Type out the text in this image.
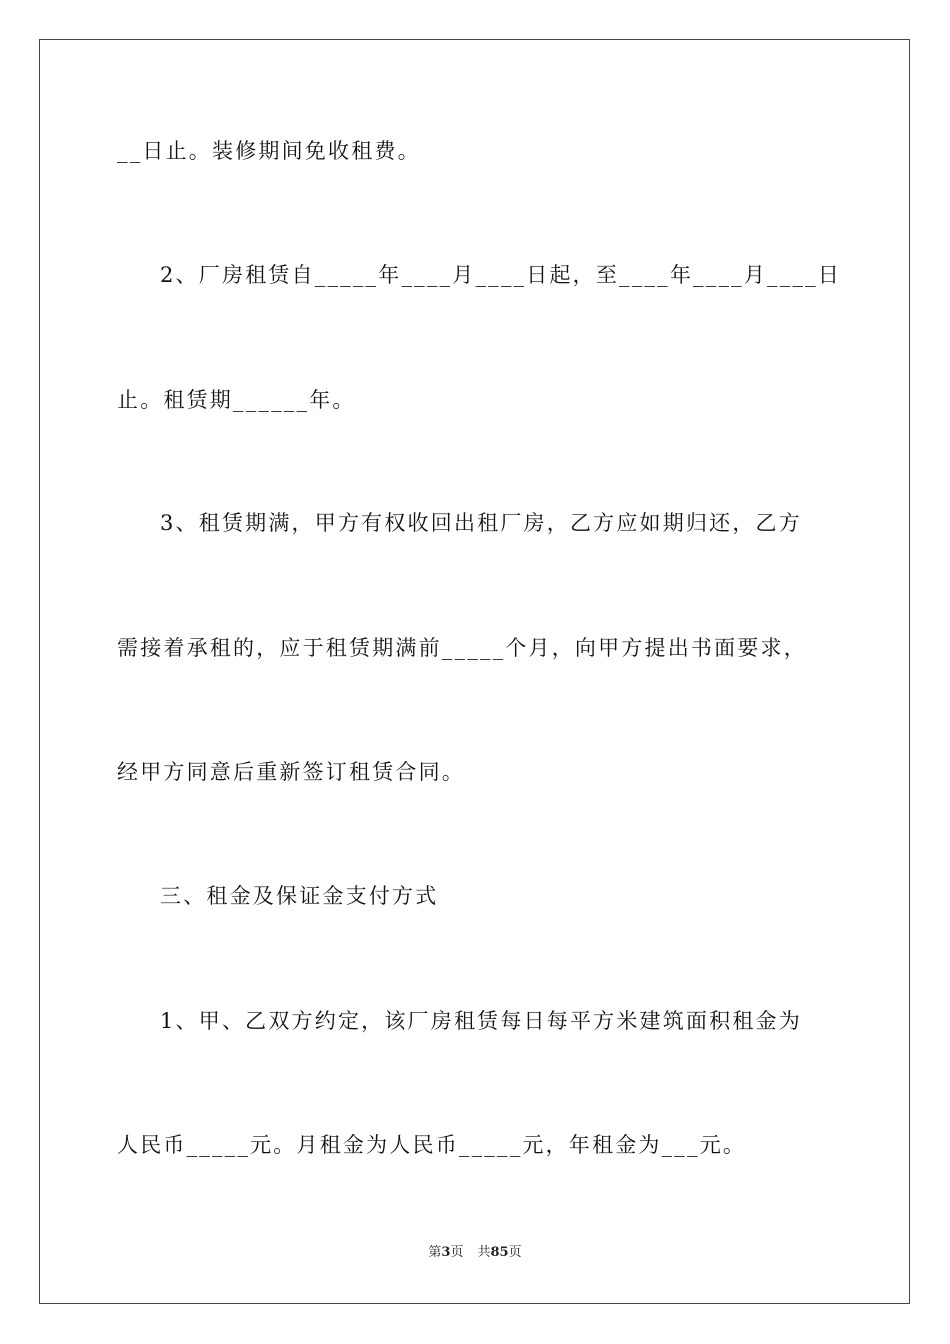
__日止。装修期间免收租费。
2、厂房租赁自_____年____月____日起，至____年____月____日
止。租赁期______年。
3、租赁期满，甲方有权收回出租厂房，乙方应如期归还，乙方
需接着承租的，应于租赁期满前_____个月，向甲方提出书面要求，
经甲方同意后重新签订租赁合同。
三、租金及保证金支付方式
1、甲、乙双方约定，该厂房租赁每日每平方米建筑面积租金为
人民币_____元。月租金为人民币_____元，年租金为___元。
第3页 共85页
